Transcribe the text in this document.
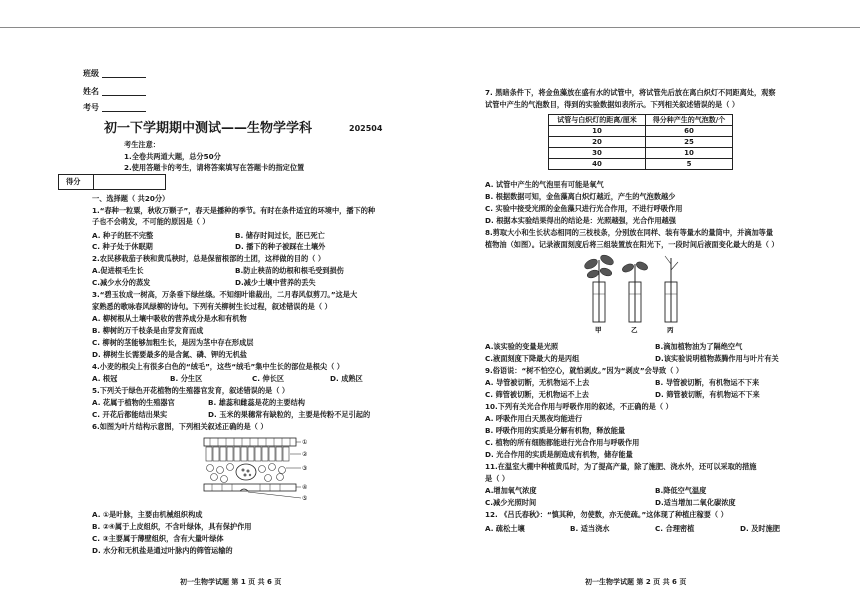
班级
姓名
考号
初一下学期期中测试——生物学学科	202504
考生注意：
1.全卷共两道大题，总分50分
2.使用答题卡的考生，请将答案填写在答题卡的指定位置
得分
一、选择题（ 共20分）
1.“春种一粒粟，秋收万颗子”，春天是播种的季节。有时在条件适宜的环境中，播下的种
子也不会萌发，不可能的原因是（ ）
A. 种子的胚不完整	B. 储存时间过长，胚已死亡
C. 种子处于休眠期	D. 播下的种子被踩在土壤外
2.农民移栽茄子秧和黄瓜秧时，总是保留根部的土团，这样做的目的（ ）
A.促进根毛生长	B.防止秧苗的幼根和根毛受到损伤
C.减少水分的蒸发	D.减少土壤中营养的丢失
3.“碧玉妆成一树高，万条垂下绿丝绦。不知细叶谁裁出，二月春风似剪刀。”这是大
家熟悉的歌咏春风绿柳的诗句。下列有关柳树生长过程，叙述错误的是（ ）
A. 柳树根从土壤中吸收的营养成分是水和有机物
B. 柳树的万千枝条是由芽发育而成
C. 柳树的茎能够加粗生长，是因为茎中存在形成层
D. 柳树生长需要最多的是含氮、磷、钾的无机盐
4.小麦的根尖上有很多白色的“绒毛”，这些“绒毛”集中生长的部位是根尖（ ）
A. 根冠	B. 分生区	C. 伸长区	D. 成熟区
5.下列关于绿色开花植物的生殖器官发育，叙述错误的是（ ）
A. 花属于植物的生殖器官	B. 雄蕊和雌蕊是花的主要结构
C. 开花后都能结出果实	D. 玉米的果穗常有缺粒的，主要是传粉不足引起的
6.如图为叶片结构示意图，下列相关叙述正确的是（ ）
①
②
③
④
⑤
A. ①是叶脉，主要由机械组织构成
B. ②④属于上皮组织，不含叶绿体，具有保护作用
C. ③主要属于薄壁组织，含有大量叶绿体
D. 水分和无机盐是通过叶脉内的筛管运输的
初一生物学试题 第 1 页 共 6 页
7. 黑暗条件下，将金鱼藻放在盛有水的试管中，将试管先后放在离白炽灯不同距离处，观察
试管中产生的气泡数目，得到的实验数据如表所示。下列相关叙述错误的是（ ）
试管与白炽灯的距离/厘米	得分种产生的气泡数/个
10	60
20	25
30	10
40	5
A. 试管中产生的气泡里有可能是氧气
B. 根据数据可知，金鱼藻离白炽灯越近，产生的气泡数越少
C. 实验中接受光照的金鱼藻只进行光合作用，不进行呼吸作用
D. 根据本实验结果得出的结论是：光照越强，光合作用越强
8.剪取大小和生长状态相同的三枝枝条，分别放在同样、装有等量水的量筒中，并滴加等量
植物油（如图）。记录液面刻度后将三组装置放在阳光下，一段时间后液面变化最大的是（ ）
甲	乙	丙
A.该实验的变量是光照	B.滴加植物油为了隔绝空气
C.液面刻度下降最大的是丙组	D.该实验说明植物蒸腾作用与叶片有关
9.俗语说：“树不怕空心，就怕剥皮。”因为“剥皮”会导致（ ）
A. 导管被切断，无机物运不上去	B. 导管被切断，有机物运不下来
C. 筛管被切断，无机物运不上去	D. 筛管被切断，有机物运不下来
10.下列有关光合作用与呼吸作用的叙述，不正确的是（ ）
A. 呼吸作用白天黑夜均能进行
B. 呼吸作用的实质是分解有机物，释放能量
C. 植物的所有细胞都能进行光合作用与呼吸作用
D. 光合作用的实质是制造成有机物，储存能量
11.在温室大棚中种植黄瓜时，为了提高产量，除了施肥、浇水外，还可以采取的措施
是（ ）
A.增加氧气浓度	B.降低空气温度
C.减少光照时间	D.适当增加二氧化碳浓度
12. 《吕氏春秋》：“慎其种，勿使数，亦无使疏。”这体现了种植庄稼要（ ）
A. 疏松土壤	B. 适当浇水	C. 合理密植	D. 及时施肥
初一生物学试题 第 2 页 共 6 页
